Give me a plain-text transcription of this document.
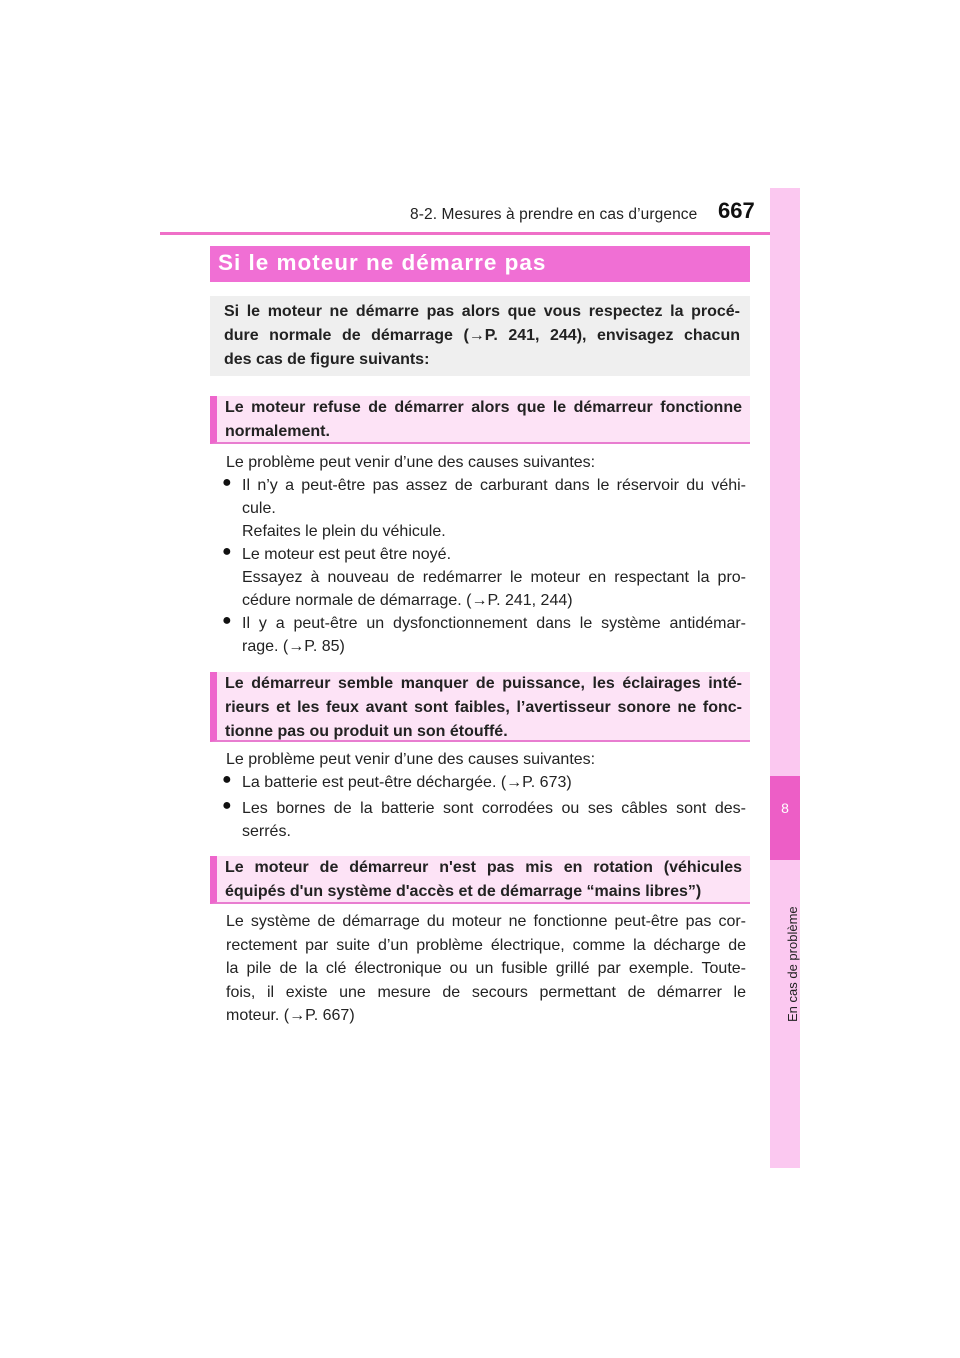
8-2. Mesures à prendre en cas d’urgence 667
8
Si le moteur ne démarre pas
Si le moteur ne démarre pas alors que vous respectez la procé-
dure normale de démarrage (→P. 241, 244), envisagez chacun
des cas de figure suivants:
Le moteur refuse de démarrer alors que le démarreur fonctionne
normalement.
Le problème peut venir d’une des causes suivantes:
● Il n’y a peut-être pas assez de carburant dans le réservoir du véhi-
cule.
Refaites le plein du véhicule.
● Le moteur est peut être noyé.
Essayez à nouveau de redémarrer le moteur en respectant la pro-
cédure normale de démarrage. (→P. 241, 244)
● Il y a peut-être un dysfonctionnement dans le système antidémar-
rage. (→P. 85)
Le démarreur semble manquer de puissance, les éclairages inté-
rieurs et les feux avant sont faibles, l’avertisseur sonore ne fonc-
tionne pas ou produit un son étouffé.
Le problème peut venir d’une des causes suivantes:
● La batterie est peut-être déchargée. (→P. 673)
● Les bornes de la batterie sont corrodées ou ses câbles sont des-
serrés.
Le moteur de démarreur n'est pas mis en rotation (véhicules
équipés d'un système d'accès et de démarrage “mains libres”)
Le système de démarrage du moteur ne fonctionne peut-être pas cor-
rectement par suite d’un problème électrique, comme la décharge de
la pile de la clé électronique ou un fusible grillé par exemple. Toute-
fois, il existe une mesure de secours permettant de démarrer le
moteur. (→P. 667)
